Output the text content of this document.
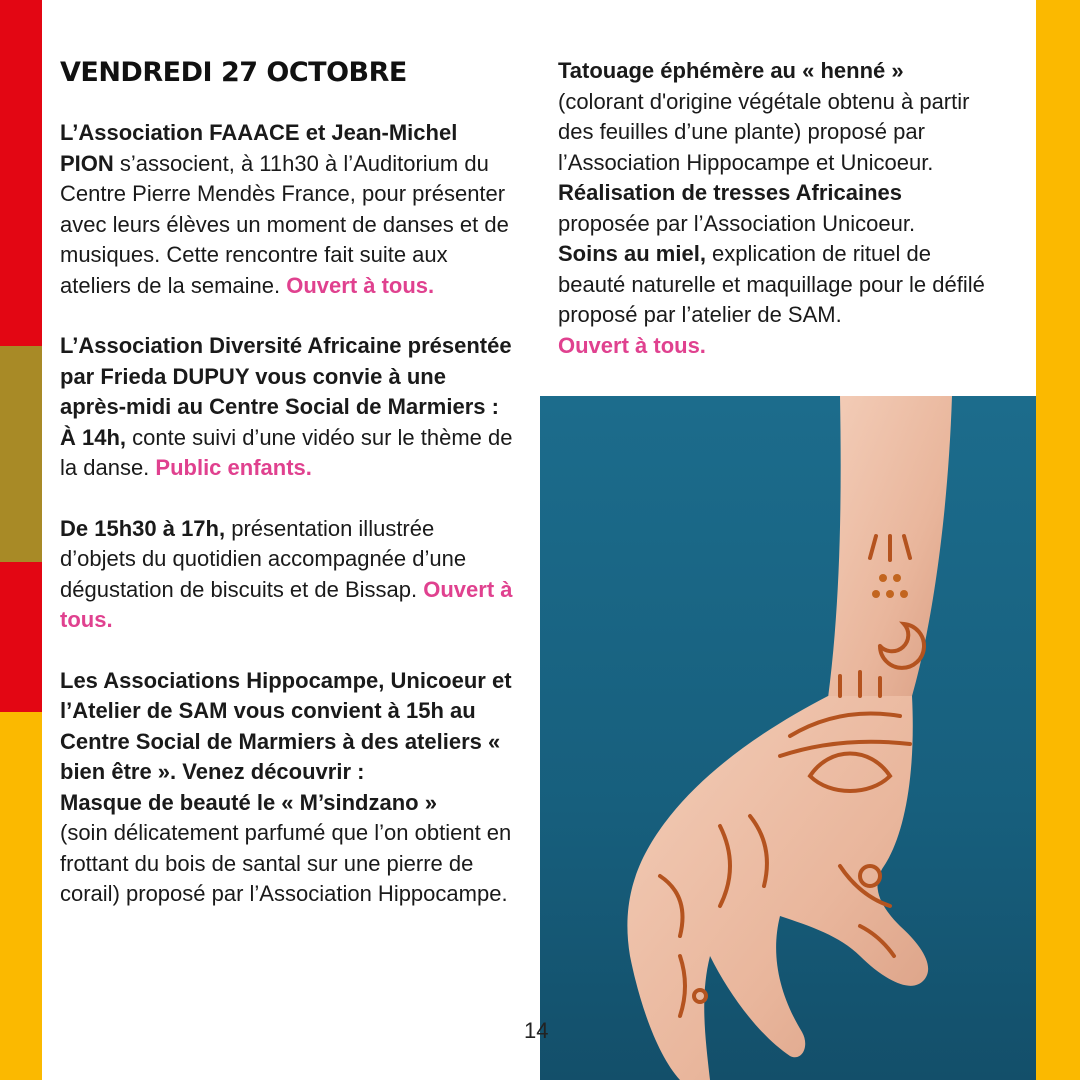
VENDREDI 27 OCTOBRE

L’Association FAAACE et Jean-Michel PION s’associent, à 11h30 à l’Auditorium du Centre Pierre Mendès France, pour présenter avec leurs élèves un moment de danses et de musiques. Cette rencontre fait suite aux ateliers de la semaine. Ouvert à tous.

L’Association Diversité Africaine présentée par Frieda DUPUY vous convie à une après-midi au Centre Social de Marmiers :
À 14h, conte suivi d’une vidéo sur le thème de la danse. Public enfants.

De 15h30 à 17h, présentation illustrée d’objets du quotidien accompagnée d’une dégustation de biscuits et de Bissap. Ouvert à tous.

Les Associations Hippocampe, Unicoeur et l’Atelier de SAM vous convient à 15h au Centre Social de Marmiers à des ateliers « bien être ». Venez découvrir :
Masque de beauté le « M’sindzano »
(soin délicatement parfumé que l’on obtient en frottant du bois de santal sur une pierre de corail) proposé par l’Association Hippocampe.

Tatouage éphémère au « henné »
(colorant d'origine végétale obtenu à partir des feuilles d’une plante) proposé par l’Association Hippocampe et Unicoeur.

Réalisation de tresses Africaines
proposée par l’Association Unicoeur.

Soins au miel, explication de rituel de beauté naturelle et maquillage pour le défilé proposé par l’atelier de SAM.
Ouvert à tous.

14
